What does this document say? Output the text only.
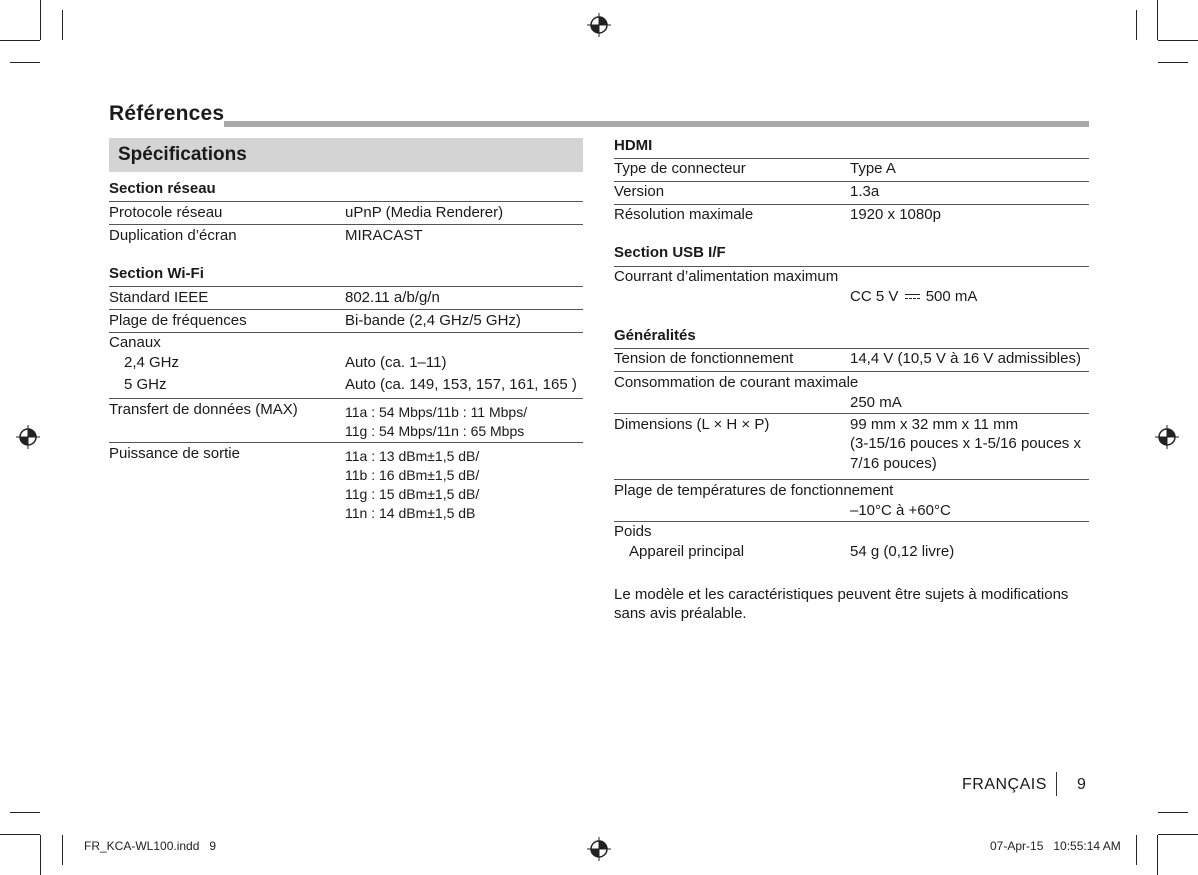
Références
Spécifications
Section réseau
Protocole réseau	uPnP (Media Renderer)
Duplication d’écran	MIRACAST
Section Wi-Fi
Standard IEEE	802.11 a/b/g/n
Plage de fréquences	Bi-bande (2,4 GHz/5 GHz)
Canaux
2,4 GHz	Auto (ca. 1–11)
5 GHz	Auto (ca. 149, 153, 157, 161, 165 )
Transfert de données (MAX)	11a : 54 Mbps/11b : 11 Mbps/
11g : 54 Mbps/11n : 65 Mbps
Puissance de sortie	11a : 13 dBm±1,5 dB/
11b : 16 dBm±1,5 dB/
11g : 15 dBm±1,5 dB/
11n : 14 dBm±1,5 dB
HDMI
Type de connecteur	Type A
Version	1.3a
Résolution maximale	1920 x 1080p
Section USB I/F
Courrant d’alimentation maximum
CC 5 V 500 mA
Généralités
Tension de fonctionnement	14,4 V (10,5 V à 16 V admissibles)
Consommation de courant maximale
250 mA
Dimensions (L × H × P)	99 mm x 32 mm x 11 mm
(3-15/16 pouces x 1-5/16 pouces x
7/16 pouces)
Plage de températures de fonctionnement
–10°C à +60°C
Poids
Appareil principal	54 g (0,12 livre)
Le modèle et les caractéristiques peuvent être sujets à modifications
sans avis préalable.
FRANÇAIS 9
FR_KCA-WL100.indd   9	07-Apr-15   10:55:14 AM
